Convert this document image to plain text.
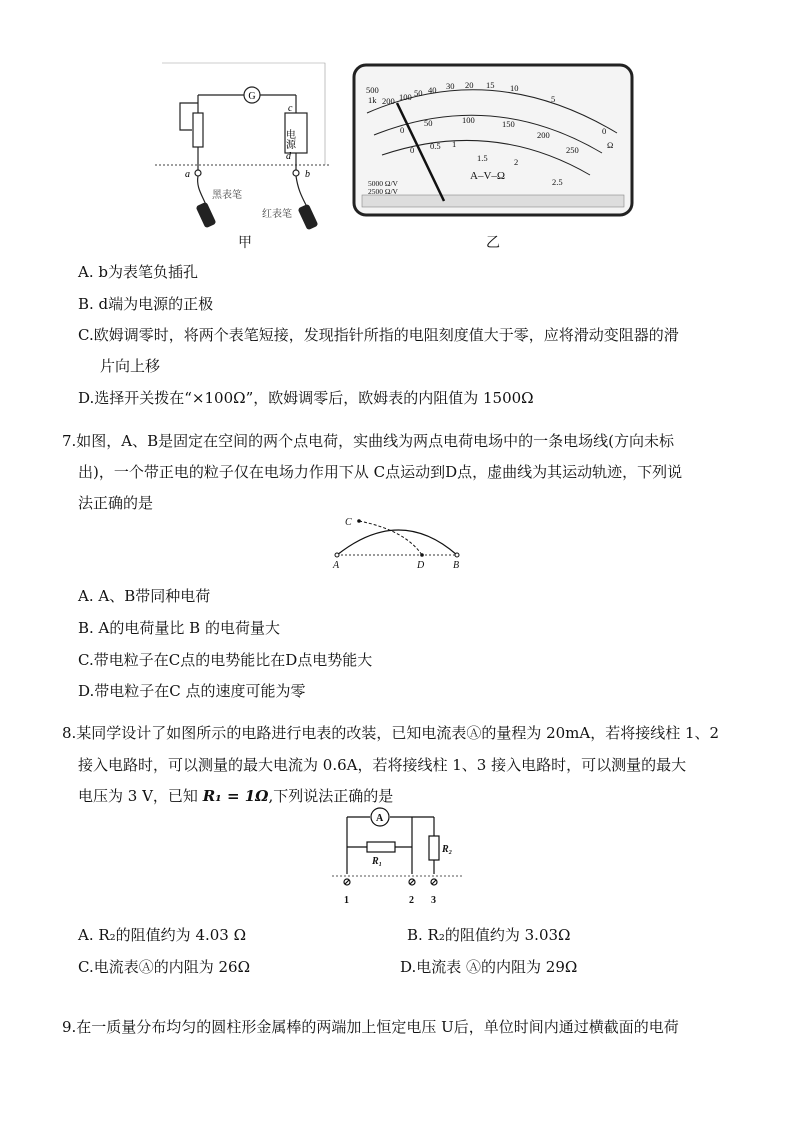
G
电源
c
d
a	b
黑表笔
红表笔
甲
500
1k 200 100 50 40 30 20 15 10
5
0
Ω
0
50	100	150
200
250
0 0.5 1
1.5	2
2.5
A–V–Ω
5000 Ω/V
2500 Ω/V
乙
A. b为表笔负插孔
B. d端为电源的正极
C.欧姆调零时，将两个表笔短接，发现指针所指的电阻刻度值大于零，应将滑动变阻器的滑
片向上移
D.选择开关拨在“×100Ω”，欧姆调零后，欧姆表的内阻值为 1500Ω
7.如图，A、B是固定在空间的两个点电荷，实曲线为两点电荷电场中的一条电场线(方向未标
出)，一个带正电的粒子仅在电场力作用下从 C点运动到D点，虚曲线为其运动轨迹，下列说
法正确的是
C
A	D	B
A. A、B带同种电荷
B. A的电荷量比 B 的电荷量大
C.带电粒子在C点的电势能比在D点电势能大
D.带电粒子在C 点的速度可能为零
8.某同学设计了如图所示的电路进行电表的改装，已知电流表Ⓐ的量程为 20mA，若将接线柱 1、2
接入电路时，可以测量的最大电流为 0.6A，若将接线柱 1、3 接入电路时，可以测量的最大
电压为 3 V，已知 R₁ = 1Ω,下列说法正确的是
A
R₁
R₂
1	2 3
A. R₂的阻值约为 4.03 Ω	B. R₂的阻值约为 3.03Ω
C.电流表Ⓐ的内阻为 26Ω	D.电流表 Ⓐ的内阻为 29Ω
9.在一质量分布均匀的圆柱形金属棒的两端加上恒定电压 U后，单位时间内通过横截面的电荷
